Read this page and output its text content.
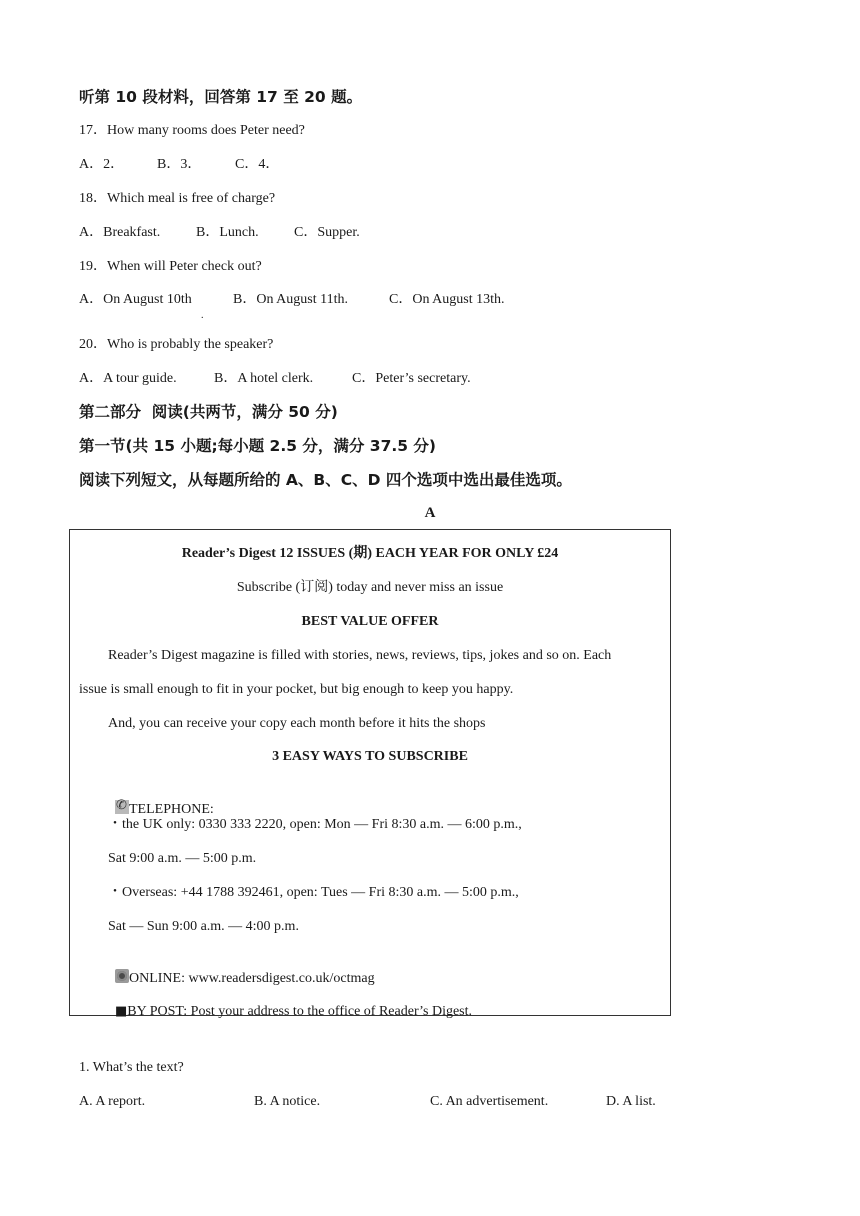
听第 10 段材料，回答第 17 至 20 题。
17．How many rooms does Peter need?
A．2． B．3． C．4．
18．Which meal is free of charge?
A．Breakfast.	B．Lunch.	C．Supper.
19．When will Peter check out?
A．On August 10th	B．On August 11th.	C．On August 13th.
.
20．Who is probably the speaker?
A．A tour guide.	B．A hotel clerk.	C．Peter’s secretary.
第二部分  阅读(共两节，满分 50 分)
第一节(共 15 小题;每小题 2.5 分，满分 37.5 分)
阅读下列短文，从每题所给的 A、B、C、D 四个选项中选出最佳选项。
A
Reader’s Digest 12 ISSUES (期) EACH YEAR FOR ONLY £24
Subscribe (订阅) today and never miss an issue
BEST VALUE OFFER
Reader’s Digest magazine is filled with stories, news, reviews, tips, jokes and so on. Each
issue is small enough to fit in your pocket, but big enough to keep you happy.
And, you can receive your copy each month before it hits the shops
3 EASY WAYS TO SUBSCRIBE

✆TELEPHONE:

・the UK only: 0330 333 2220, open: Mon — Fri 8:30 a.m. — 6:00 p.m.,
Sat 9:00 a.m. — 5:00 p.m.
・Overseas: +44 1788 392461, open: Tues — Fri 8:30 a.m. — 5:00 p.m.,
Sat — Sun 9:00 a.m. — 4:00 p.m.

ONLINE: www.readersdigest.co.uk/octmag

■BY POST: Post your address to the office of Reader’s Digest.

1. What’s the text?
A. A report.	B. A notice.	C. An advertisement.	D. A list.
